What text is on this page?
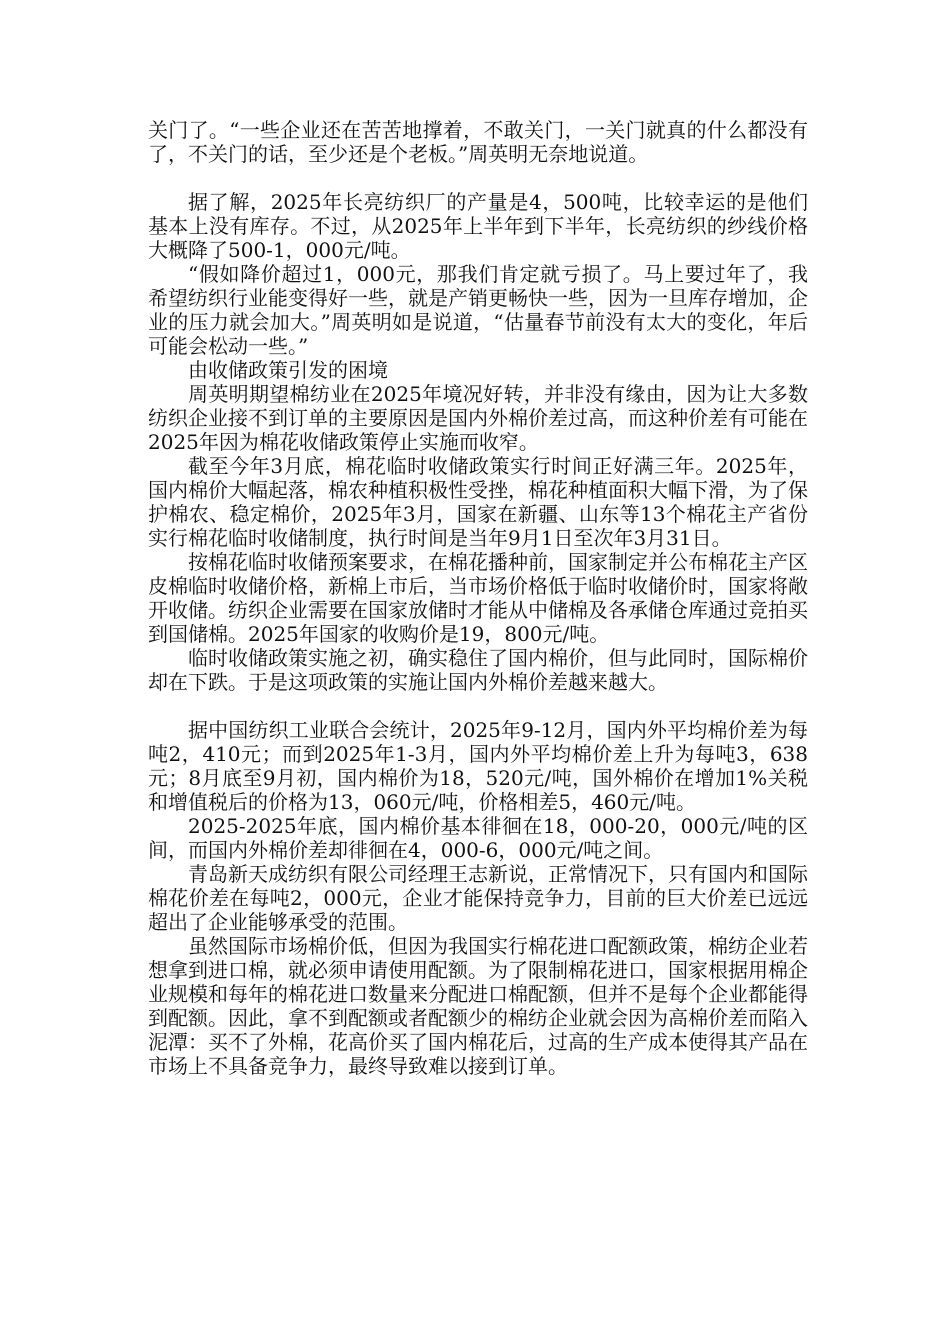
关门了。“一些企业还在苦苦地撑着，不敢关门，一关门就真的什么都没有了，不关门的话，至少还是个老板。”周英明无奈地说道。

据了解，2025年长亮纺织厂的产量是4，500吨，比较幸运的是他们基本上没有库存。不过，从2025年上半年到下半年，长亮纺织的纱线价格大概降了500-1，000元/吨。

“假如降价超过1，000元，那我们肯定就亏损了。马上要过年了，我希望纺织行业能变得好一些，就是产销更畅快一些，因为一旦库存增加，企业的压力就会加大。”周英明如是说道，“估量春节前没有太大的变化，年后可能会松动一些。”

由收储政策引发的困境

周英明期望棉纺业在2025年境况好转，并非没有缘由，因为让大多数纺织企业接不到订单的主要原因是国内外棉价差过高，而这种价差有可能在2025年因为棉花收储政策停止实施而收窄。

截至今年3月底，棉花临时收储政策实行时间正好满三年。2025年，国内棉价大幅起落，棉农种植积极性受挫，棉花种植面积大幅下滑，为了保护棉农、稳定棉价，2025年3月，国家在新疆、山东等13个棉花主产省份实行棉花临时收储制度，执行时间是当年9月1日至次年3月31日。

按棉花临时收储预案要求，在棉花播种前，国家制定并公布棉花主产区皮棉临时收储价格，新棉上市后，当市场价格低于临时收储价时，国家将敞开收储。纺织企业需要在国家放储时才能从中储棉及各承储仓库通过竞拍买到国储棉。2025年国家的收购价是19，800元/吨。

临时收储政策实施之初，确实稳住了国内棉价，但与此同时，国际棉价却在下跌。于是这项政策的实施让国内外棉价差越来越大。

据中国纺织工业联合会统计，2025年9-12月，国内外平均棉价差为每吨2，410元；而到2025年1-3月，国内外平均棉价差上升为每吨3，638元；8月底至9月初，国内棉价为18，520元/吨，国外棉价在增加1%关税和增值税后的价格为13，060元/吨，价格相差5，460元/吨。

2025-2025年底，国内棉价基本徘徊在18，000-20，000元/吨的区间，而国内外棉价差却徘徊在4，000-6，000元/吨之间。

青岛新天成纺织有限公司经理王志新说，正常情况下，只有国内和国际棉花价差在每吨2，000元，企业才能保持竞争力，目前的巨大价差已远远超出了企业能够承受的范围。

虽然国际市场棉价低，但因为我国实行棉花进口配额政策，棉纺企业若想拿到进口棉，就必须申请使用配额。为了限制棉花进口，国家根据用棉企业规模和每年的棉花进口数量来分配进口棉配额，但并不是每个企业都能得到配额。因此，拿不到配额或者配额少的棉纺企业就会因为高棉价差而陷入泥潭：买不了外棉，花高价买了国内棉花后，过高的生产成本使得其产品在市场上不具备竞争力，最终导致难以接到订单。
